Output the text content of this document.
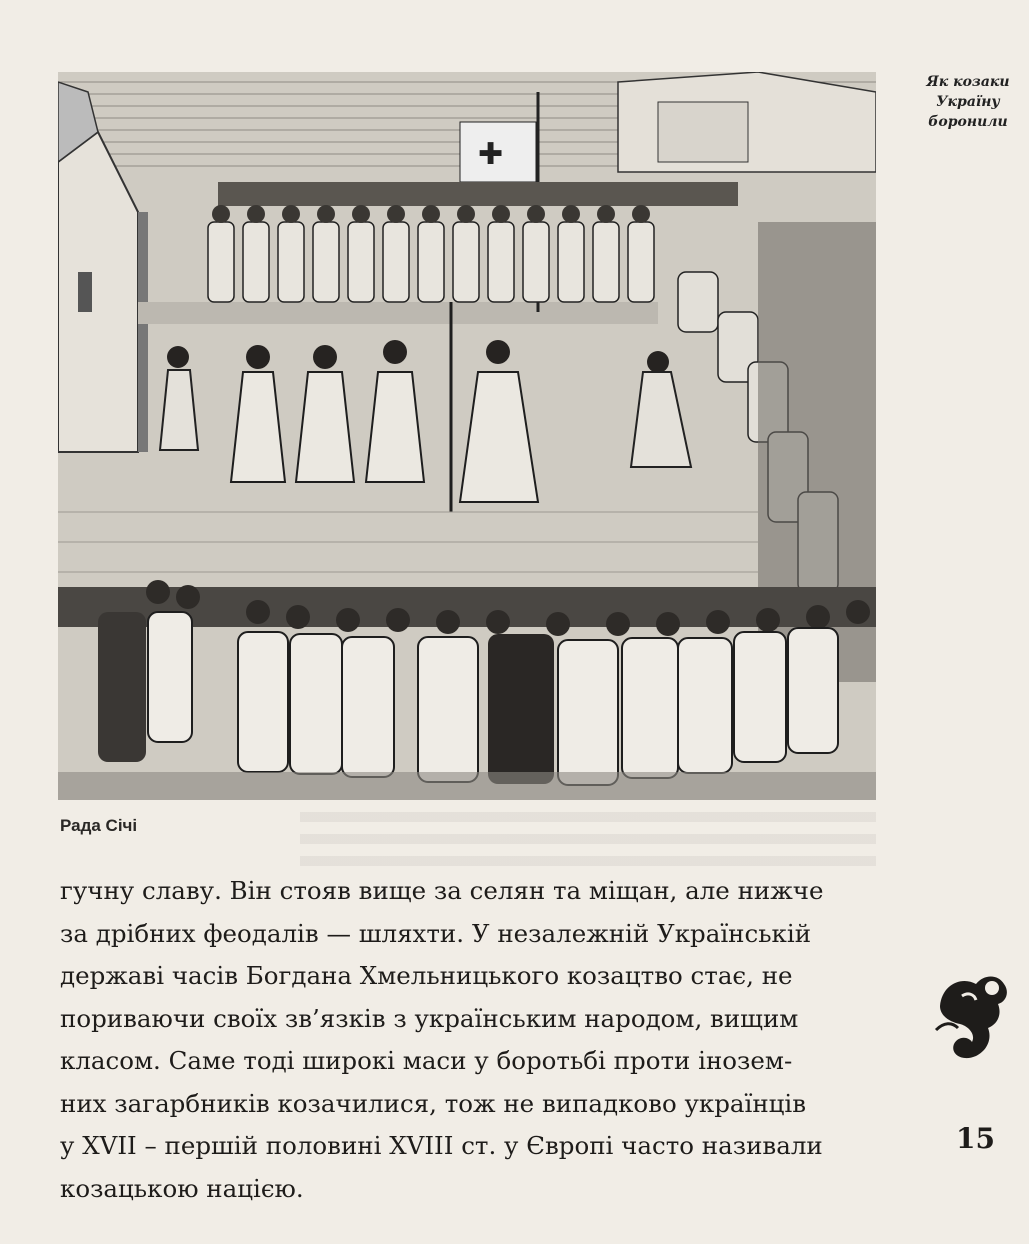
✚
Рада Січі

гучну славу. Він стояв вище за селян та міщан, але нижче
за дрібних феодалів — шляхти. У незалежній Українській
державі часів Богдана Хмельницького козацтво стає, не
пориваючи своїх зв’язків з українським народом, вищим
класом. Саме тоді широкі маси у боротьбі проти інозем-
них загарбників козачилися, тож не випадково українців
у XVII – першій половині XVIII ст. у Європі часто називали
козацькою нацією.

Як козаки
Україну
боронили
15
